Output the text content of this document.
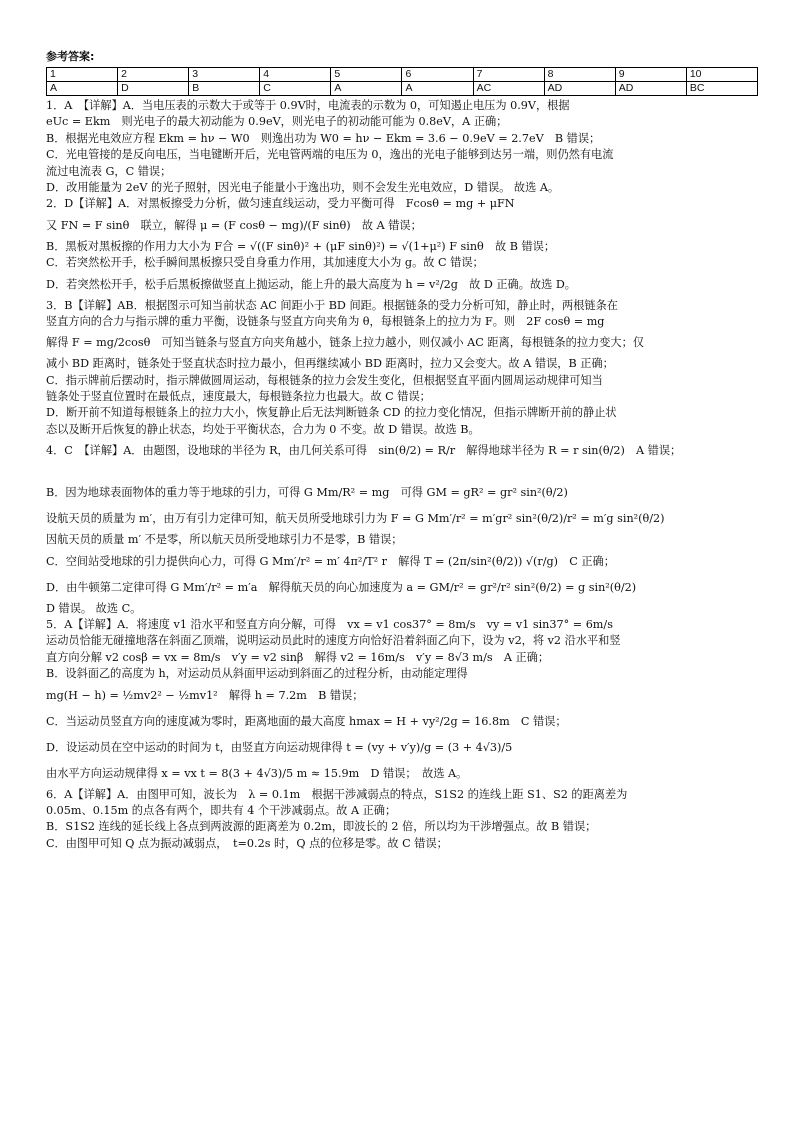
参考答案:
1	2	3	4	5	6	7	8	9	10
A	D	B	C	A	A	AC	AD	AD	BC
1．A　【详解】A．当电压表的示数大于或等于 0.9V时，电流表的示数为 0，可知遏止电压为 0.9V，根据
eUc = Ekm　则光电子的最大初动能为 0.9eV，则光电子的初动能可能为 0.8eV，A 正确；
B．根据光电效应方程 Ekm = hν − W0　则逸出功为 W0 = hν − Ekm = 3.6 − 0.9eV = 2.7eV　B 错误；
C．光电管接的是反向电压，当电键断开后，光电管两端的电压为 0，逸出的光电子能够到达另一端，则仍然有电流
流过电流表 G，C 错误；
D．改用能量为 2eV 的光子照射，因光电子能量小于逸出功，则不会发生光电效应，D 错误。 故选 A。
2．D【详解】A．对黑板擦受力分析，做匀速直线运动，受力平衡可得　Fcosθ = mg + μFN
又 FN = F sinθ　联立，解得 μ = (F cosθ − mg)/(F sinθ)　故 A 错误；
B．黑板对黑板擦的作用力大小为 F合 = √((F sinθ)² + (μF sinθ)²) = √(1+μ²) F sinθ　故 B 错误；
C．若突然松开手，松手瞬间黑板擦只受自身重力作用，其加速度大小为 g。故 C 错误；
D．若突然松开手，松手后黑板擦做竖直上抛运动，能上升的最大高度为 h = v²/2g　故 D 正确。故选 D。
3．B【详解】AB．根据图示可知当前状态 AC 间距小于 BD 间距。根据链条的受力分析可知，静止时，两根链条在
竖直方向的合力与指示牌的重力平衡，设链条与竖直方向夹角为 θ，每根链条上的拉力为 F。则　2F cosθ = mg
解得 F = mg/2cosθ　可知当链条与竖直方向夹角越小，链条上拉力越小，则仅减小 AC 距离，每根链条的拉力变大；仅
减小 BD 距离时，链条处于竖直状态时拉力最小，但再继续减小 BD 距离时，拉力又会变大。故 A 错误，B 正确；
C．指示牌前后摆动时，指示牌做圆周运动，每根链条的拉力会发生变化，但根据竖直平面内圆周运动规律可知当
链条处于竖直位置时在最低点，速度最大，每根链条拉力也最大。故 C 错误；
D．断开前不知道每根链条上的拉力大小，恢复静止后无法判断链条 CD 的拉力变化情况，但指示牌断开前的静止状
态以及断开后恢复的静止状态，均处于平衡状态，合力为 0 不变。故 D 错误。故选 B。
4．C　【详解】A．由题图，设地球的半径为 R，由几何关系可得　sin(θ/2) = R/r　解得地球半径为 R = r sin(θ/2)　A 错误；
B．因为地球表面物体的重力等于地球的引力，可得 G Mm/R² = mg　可得 GM = gR² = gr² sin²(θ/2)
设航天员的质量为 m′，由万有引力定律可知，航天员所受地球引力为 F = G Mm′/r² = m′gr² sin²(θ/2)/r² = m′g sin²(θ/2)
因航天员的质量 m′ 不是零，所以航天员所受地球引力不是零，B 错误；
C．空间站受地球的引力提供向心力，可得 G Mm′/r² = m′ 4π²/T² r　解得 T = (2π/sin²(θ/2)) √(r/g)　C 正确；
D．由牛顿第二定律可得 G Mm′/r² = m′a　解得航天员的向心加速度为 a = GM/r² = gr²/r² sin²(θ/2) = g sin²(θ/2)
D 错误。 故选 C。
5．A【详解】A．将速度 v1 沿水平和竖直方向分解，可得　vx = v1 cos37° = 8m/s　vy = v1 sin37° = 6m/s
运动员恰能无碰撞地落在斜面乙顶端，说明运动员此时的速度方向恰好沿着斜面乙向下，设为 v2，将 v2 沿水平和竖
直方向分解 v2 cosβ = vx = 8m/s　v′y = v2 sinβ　解得 v2 = 16m/s　v′y = 8√3 m/s　A 正确；
B．设斜面乙的高度为 h，对运动员从斜面甲运动到斜面乙的过程分析，由动能定理得
mg(H − h) = ½mv2² − ½mv1²　解得 h = 7.2m　B 错误；
C．当运动员竖直方向的速度减为零时，距离地面的最大高度 hmax = H + vy²/2g = 16.8m　C 错误；
D．设运动员在空中运动的时间为 t，由竖直方向运动规律得 t = (vy + v′y)/g = (3 + 4√3)/5
由水平方向运动规律得 x = vx t = 8(3 + 4√3)/5 m ≈ 15.9m　D 错误；　故选 A。
6．A【详解】A．由图甲可知，波长为　λ = 0.1m　根据干涉减弱点的特点，S1S2 的连线上距 S1、S2 的距离差为
0.05m、0.15m 的点各有两个，即共有 4 个干涉减弱点。故 A 正确；
B．S1S2 连线的延长线上各点到两波源的距离差为 0.2m，即波长的 2 倍，所以均为干涉增强点。故 B 错误；
C．由图甲可知 Q 点为振动减弱点，　t=0.2s 时，Q 点的位移是零。故 C 错误；
